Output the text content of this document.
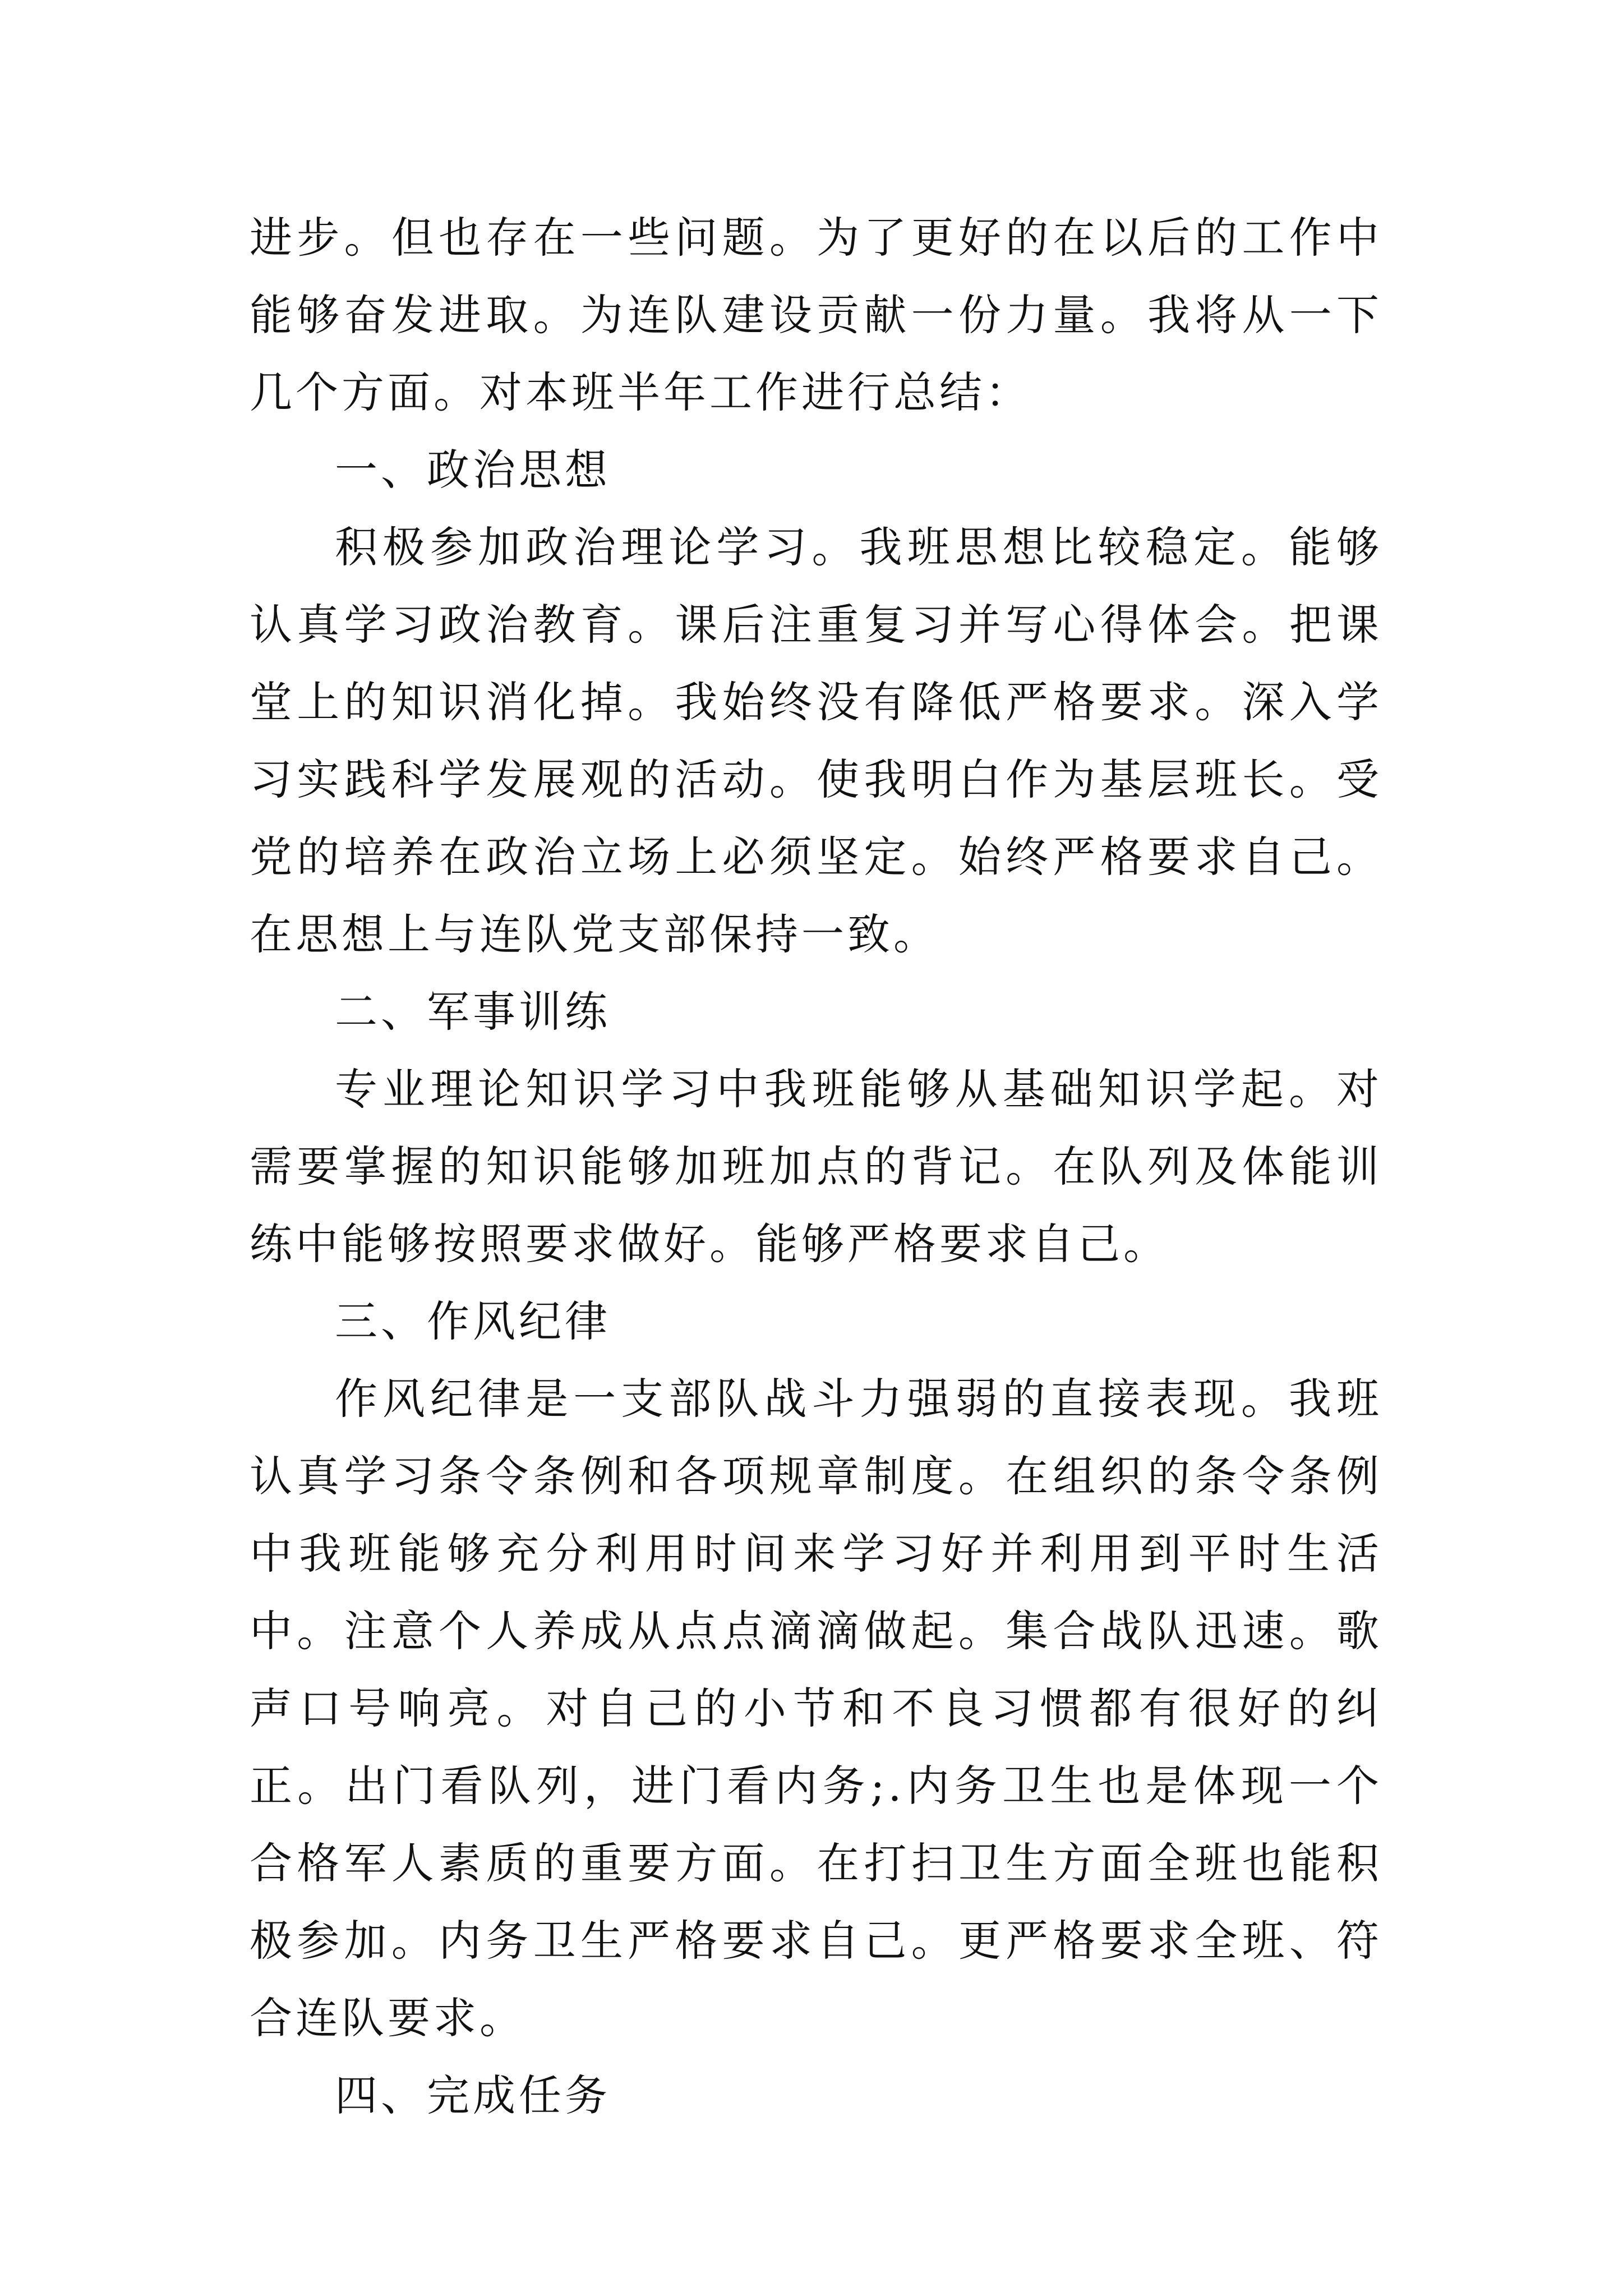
进步。但也存在一些问题。为了更好的在以后的工作中能够奋发进取。为连队建设贡献一份力量。我将从一下几个方面。对本班半年工作进行总结：

一、政治思想

积极参加政治理论学习。我班思想比较稳定。能够认真学习政治教育。课后注重复习并写心得体会。把课堂上的知识消化掉。我始终没有降低严格要求。深入学习实践科学发展观的活动。使我明白作为基层班长。受党的培养在政治立场上必须坚定。始终严格要求自己。在思想上与连队党支部保持一致。

二、军事训练

专业理论知识学习中我班能够从基础知识学起。对需要掌握的知识能够加班加点的背记。在队列及体能训练中能够按照要求做好。能够严格要求自己。

三、作风纪律

作风纪律是一支部队战斗力强弱的直接表现。我班认真学习条令条例和各项规章制度。在组织的条令条例中我班能够充分利用时间来学习好并利用到平时生活中。注意个人养成从点点滴滴做起。集合战队迅速。歌声口号响亮。对自己的小节和不良习惯都有很好的纠正。出门看队列，进门看内务;.内务卫生也是体现一个合格军人素质的重要方面。在打扫卫生方面全班也能积极参加。内务卫生严格要求自己。更严格要求全班、符合连队要求。

四、完成任务
